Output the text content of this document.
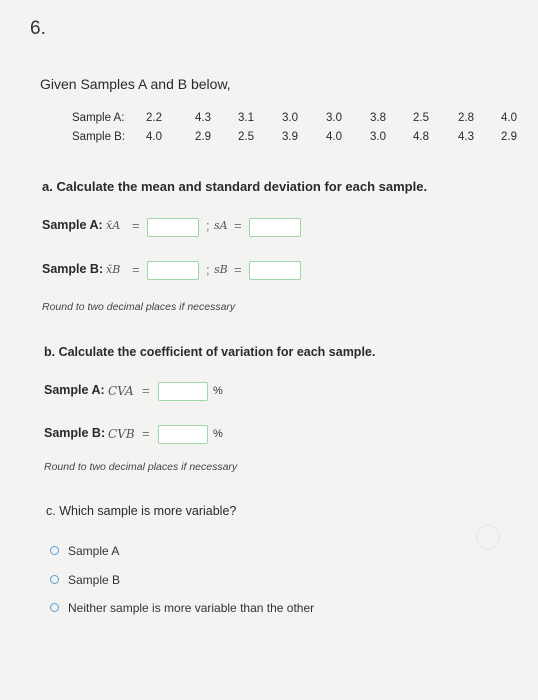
6.
Given Samples A and B below,
Sample A:	2.2	4.3	3.1	3.0	3.0	3.8	2.5	2.8	4.0
Sample B:	4.0	2.9	2.5	3.9	4.0	3.0	4.8	4.3	2.9
a. Calculate the mean and standard deviation for each sample.
Sample A: x̄A =	; sA =
Sample B: x̄B =	; sB =
Round to two decimal places if necessary
b. Calculate the coefficient of variation for each sample.
Sample A: CVA =	%
Sample B: CVB =	%
Round to two decimal places if necessary
c. Which sample is more variable?
Sample A
Sample B
Neither sample is more variable than the other
